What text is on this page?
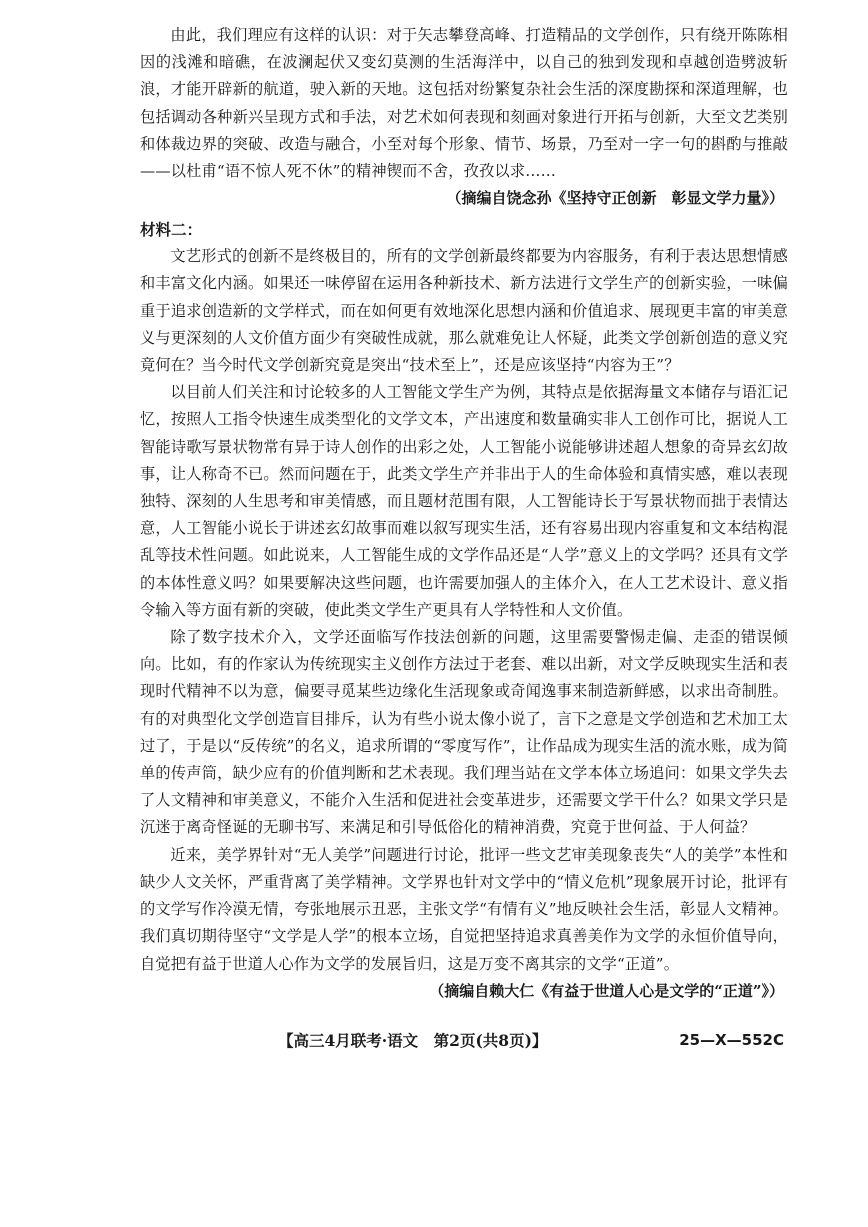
由此，我们理应有这样的认识：对于矢志攀登高峰、打造精品的文学创作，只有绕开陈陈相因的浅滩和暗礁，在波澜起伏又变幻莫测的生活海洋中，以自己的独到发现和卓越创造劈波斩浪，才能开辟新的航道，驶入新的天地。这包括对纷繁复杂社会生活的深度勘探和深道理解，也包括调动各种新兴呈现方式和手法，对艺术如何表现和刻画对象进行开拓与创新，大至文艺类别和体裁边界的突破、改造与融合，小至对每个形象、情节、场景，乃至对一字一句的斟酌与推敲——以杜甫“语不惊人死不休”的精神锲而不舍，孜孜以求……

（摘编自饶念孙《坚持守正创新　彰显文学力量》）

材料二：

文艺形式的创新不是终极目的，所有的文学创新最终都要为内容服务，有利于表达思想情感和丰富文化内涵。如果还一味停留在运用各种新技术、新方法进行文学生产的创新实验，一味偏重于追求创造新的文学样式，而在如何更有效地深化思想内涵和价值追求、展现更丰富的审美意义与更深刻的人文价值方面少有突破性成就，那么就难免让人怀疑，此类文学创新创造的意义究竟何在？当今时代文学创新究竟是突出“技术至上”，还是应该坚持“内容为王”？

以目前人们关注和讨论较多的人工智能文学生产为例，其特点是依据海量文本储存与语汇记忆，按照人工指令快速生成类型化的文学文本，产出速度和数量确实非人工创作可比，据说人工智能诗歌写景状物常有异于诗人创作的出彩之处，人工智能小说能够讲述超人想象的奇异玄幻故事，让人称奇不已。然而问题在于，此类文学生产并非出于人的生命体验和真情实感，难以表现独特、深刻的人生思考和审美情感，而且题材范围有限，人工智能诗长于写景状物而拙于表情达意，人工智能小说长于讲述玄幻故事而难以叙写现实生活，还有容易出现内容重复和文本结构混乱等技术性问题。如此说来，人工智能生成的文学作品还是“人学”意义上的文学吗？还具有文学的本体性意义吗？如果要解决这些问题，也许需要加强人的主体介入，在人工艺术设计、意义指令输入等方面有新的突破，使此类文学生产更具有人学特性和人文价值。

除了数字技术介入，文学还面临写作技法创新的问题，这里需要警惕走偏、走歪的错误倾向。比如，有的作家认为传统现实主义创作方法过于老套、难以出新，对文学反映现实生活和表现时代精神不以为意，偏要寻觅某些边缘化生活现象或奇闻逸事来制造新鲜感，以求出奇制胜。有的对典型化文学创造盲目排斥，认为有些小说太像小说了，言下之意是文学创造和艺术加工太过了，于是以“反传统”的名义，追求所谓的“零度写作”，让作品成为现实生活的流水账，成为简单的传声筒，缺少应有的价值判断和艺术表现。我们理当站在文学本体立场追问：如果文学失去了人文精神和审美意义，不能介入生活和促进社会变革进步，还需要文学干什么？如果文学只是沉迷于离奇怪诞的无聊书写、来满足和引导低俗化的精神消费，究竟于世何益、于人何益？

近来，美学界针对“无人美学”问题进行讨论，批评一些文艺审美现象丧失“人的美学”本性和缺少人文关怀，严重背离了美学精神。文学界也针对文学中的“情义危机”现象展开讨论，批评有的文学写作冷漠无情，夸张地展示丑恶，主张文学“有情有义”地反映社会生活，彰显人文精神。我们真切期待坚守“文学是人学”的根本立场，自觉把坚持追求真善美作为文学的永恒价值导向，自觉把有益于世道人心作为文学的发展旨归，这是万变不离其宗的文学“正道”。

（摘编自赖大仁《有益于世道人心是文学的“正道”》）

【高三4月联考·语文　第2页(共8页)】	25—X—552C
